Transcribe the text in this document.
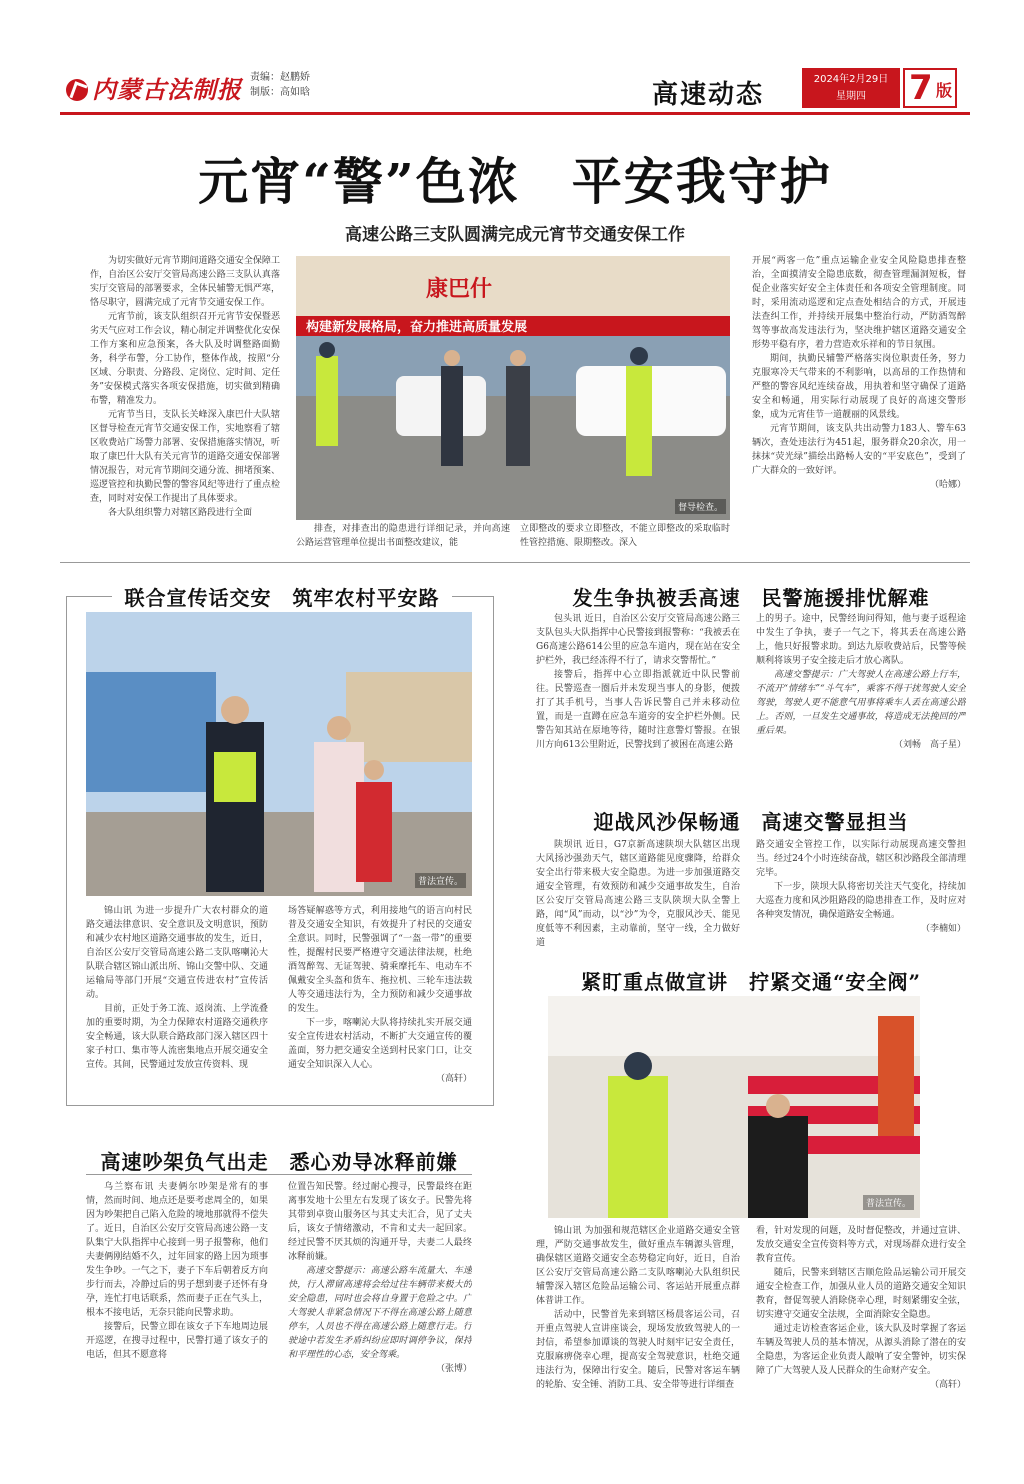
内蒙古法制报 责编：赵鹏娇
制版：高如晗	高速动态
2024年2月29日
星期四	7 版
元宵“警”色浓　平安我守护
高速公路三支队圆满完成元宵节交通安保工作

为切实做好元宵节期间道路交通安全保障工作，自治区公安厅交管局高速公路三支队认真落实厅交管局的部署要求，全体民辅警无惧严寒，恪尽职守，圆满完成了元宵节交通安保工作。

元宵节前，该支队组织召开元宵节安保暨恶劣天气应对工作会议，精心制定并调整优化安保工作方案和应急预案，各大队及时调整路面勤务，科学布警，分工协作，整体作战，按照“分区域、分职责、分路段、定岗位、定时间、定任务”安保模式落实各项安保措施，切实做到精确布警，精准发力。

元宵节当日，支队长关峰深入康巴什大队辖区督导检查元宵节交通安保工作，实地察看了辖区收费站广场警力部署、安保措施落实情况，听取了康巴什大队有关元宵节的道路交通安保部署情况报告，对元宵节期间交通分流、拥堵预案、巡逻管控和执勤民警的警容风纪等进行了重点检查，同时对安保工作提出了具体要求。

各大队组织警力对辖区路段进行全面

康巴什
构建新发展格局，奋力推进高质量发展
督导检查。

排查，对排查出的隐患进行详细记录，并向高速公路运营管理单位提出书面整改建议，能

立即整改的要求立即整改，不能立即整改的采取临时性管控措施、限期整改。深入

开展“两客一危”重点运输企业安全风险隐患排查整治，全面摸清安全隐患底数，彻查管理漏洞短板，督促企业落实好安全主体责任和各项安全管理制度。同时，采用流动巡逻和定点查处相结合的方式，开展违法查纠工作，并持续开展集中整治行动，严防酒驾醉驾等事故高发违法行为，坚决维护辖区道路交通安全形势平稳有序，着力营造欢乐祥和的节日氛围。

期间，执勤民辅警严格落实岗位职责任务，努力克服寒冷天气带来的不利影响，以高昂的工作热情和严整的警容风纪连续奋战，用执着和坚守确保了道路安全和畅通，用实际行动展现了良好的高速交警形象，成为元宵佳节一道靓丽的风景线。

元宵节期间，该支队共出动警力183人、警车63辆次，查处违法行为451起，服务群众20余次，用一抹抹“荧光绿”描绘出路畅人安的“平安底色”，受到了广大群众的一致好评。

（哈娜）
联合宣传话交安　筑牢农村平安路
普法宣传。

锦山讯 为进一步提升广大农村群众的道路交通法律意识、安全意识及文明意识，预防和减少农村地区道路交通事故的发生，近日，自治区公安厅交管局高速公路二支队喀喇沁大队联合辖区锦山派出所、锦山交警中队、交通运输局等部门开展“交通宣传进农村”宣传活动。

目前，正处于务工流、返岗流、上学流叠加的重要时期，为全力保障农村道路交通秩序安全畅通，该大队联合路政部门深入辖区四十家子村口、集市等人流密集地点开展交通安全宣传。其间，民警通过发放宣传资料、现

场答疑解惑等方式，利用接地气的语言向村民普及交通安全知识，有效提升了村民的交通安全意识。同时，民警强调了“一盔一带”的重要性，提醒村民要严格遵守交通法律法规，杜绝酒驾醉驾、无证驾驶、骑乘摩托车、电动车不佩戴安全头盔和货车、拖拉机、三轮车违法载人等交通违法行为，全力预防和减少交通事故的发生。

下一步，喀喇沁大队将持续扎实开展交通安全宣传进农村活动，不断扩大交通宣传的覆盖面，努力把交通安全送到村民家门口，让交通安全知识深入人心。

（高轩）
发生争执被丢高速　民警施援排忧解难

包头讯 近日，自治区公安厅交管局高速公路三支队包头大队指挥中心民警接到报警称：“我被丢在G6高速公路614公里的应急车道内，现在站在安全护栏外，我已经冻得不行了，请求交警帮忙。”

接警后，指挥中心立即指派就近中队民警前往。民警巡查一圈后并未发现当事人的身影，便拨打了其手机号，当事人告诉民警自己并未移动位置，而是一直蹲在应急车道旁的安全护栏外侧。民警告知其站在原地等待，随时注意警灯警报。在银川方向613公里附近，民警找到了被困在高速公路

上的男子。途中，民警经询问得知，他与妻子返程途中发生了争执，妻子一气之下，将其丢在高速公路上，他只好报警求助。到达九原收费站后，民警等候顺利将该男子安全接走后才放心离队。

高速交警提示：广大驾驶人在高速公路上行车，不流开“情绪车”“斗气车”，乘客不得干扰驾驶人安全驾驶，驾驶人更不能意气用事将乘车人丢在高速公路上。否则，一旦发生交通事故，将造成无法挽回的严重后果。

（刘畅　高子星）
迎战风沙保畅通　高速交警显担当

陕坝讯 近日，G7京新高速陕坝大队辖区出现大风扬沙强劲天气，辖区道路能见度骤降，给群众安全出行带来极大安全隐患。为进一步加强道路交通安全管理，有效预防和减少交通事故发生，自治区公安厅交管局高速公路三支队陕坝大队全警上路，闻“风”而动，以“沙”为令，克服风沙天、能见度低等不利因素，主动靠前，坚守一线，全力做好道

路交通安全管控工作，以实际行动展现高速交警担当。经过24个小时连续奋战，辖区积沙路段全部清理完毕。

下一步，陕坝大队将密切关注天气变化，持续加大巡查力度和风沙阻路段的隐患排查工作，及时应对各种突发情况，确保道路安全畅通。

（李楠如）
紧盯重点做宣讲　拧紧交通“安全阀”
普法宣传。

锦山讯 为加强和规范辖区企业道路交通安全管理，严防交通事故发生，做好重点车辆源头管理，确保辖区道路交通安全态势稳定向好，近日，自治区公安厅交管局高速公路二支队喀喇沁大队组织民辅警深入辖区危险品运输公司、客运站开展重点群体普讲工作。

活动中，民警首先来到辖区杨晨客运公司，召开重点驾驶人宣讲座谈会，现场发放致驾驶人的一封信，希望参加谭谈的驾驶人时刻牢记安全责任，克服麻痹侥幸心理，提高安全驾驶意识，杜绝交通违法行为，保障出行安全。随后，民警对客运车辆的轮胎、安全锤、消防工具、安全带等进行详细查

看，针对发现的问题，及时督促整改，并通过宣讲、发放交通安全宣传资料等方式，对现场群众进行安全教育宣传。

随后，民警来到辖区吉顺危险品运输公司开展交通安全检查工作，加强从业人员的道路交通安全知识教育，督促驾驶人消除侥幸心理，时刻紧绷安全弦，切实遵守交通安全法规，全面消除安全隐患。

通过走访检查客运企业，该大队及时掌握了客运车辆及驾驶人员的基本情况，从源头消除了潜在的安全隐患，为客运企业负责人敲响了安全警钟，切实保障了广大驾驶人及人民群众的生命财产安全。

（高轩）
高速吵架负气出走　悉心劝导冰释前嫌

乌兰察布讯 夫妻俩尔吵架是常有的事情，然而时间、地点还是要考虑周全的，如果因为吵架把自己陷入危险的境地那就得不偿失了。近日，自治区公安厅交管局高速公路一支队集宁大队指挥中心接到一男子报警称，他们夫妻俩刚结婚不久，过年回家的路上因为琐事发生争吵。一气之下，妻子下车后朝着反方向步行而去，冷静过后的男子想到妻子还怀有身孕，连忙打电话联系，然而妻子正在气头上，根本不接电话，无奈只能向民警求助。

接警后，民警立即在该女子下车地周边展开巡逻，在搜寻过程中，民警打通了该女子的电话，但其不愿意将

位置告知民警。经过耐心搜寻，民警最终在距离事发地十公里左右发现了该女子。民警先将其带到卓资山服务区与其丈夫汇合，见了丈夫后，该女子情绪激动，不肯和丈夫一起回家。经过民警不厌其烦的沟通开导，夫妻二人最终冰释前嫌。

高速交警提示：高速公路车流量大、车速快，行人滞留高速将会给过往车辆带来极大的安全隐患，同时也会将自身置于危险之中。广大驾驶人非紧急情况下不得在高速公路上随意停车，人员也不得在高速公路上随意行走。行驶途中若发生矛盾纠纷应即时调停争议，保持和平理性的心态，安全驾乘。

（张博）
